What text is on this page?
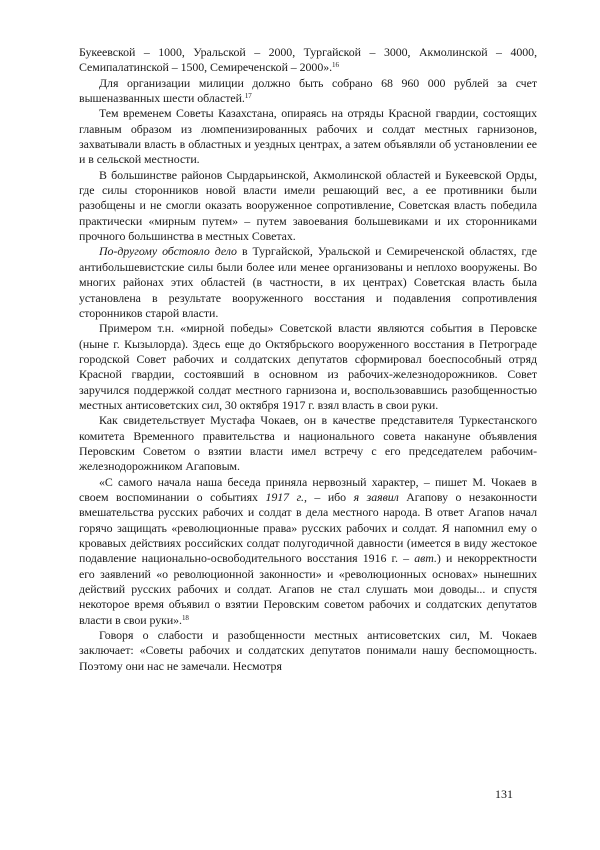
Букеевской – 1000, Уральской – 2000, Тургайской – 3000, Акмолинской – 4000, Семипалатинской – 1500, Семиреченской – 2000».$^{16}$

Для организации милиции должно быть собрано 68 960 000 рублей за счет вышеназванных шести областей.$^{17}$

Тем временем Советы Казахстана, опираясь на отряды Красной гвардии, состоящих главным образом из люмпенизированных рабочих и солдат местных гарнизонов, захватывали власть в областных и уездных центрах, а затем объявляли об установлении ее и в сельской местности.

В большинстве районов Сырдарьинской, Акмолинской областей и Букеевской Орды, где силы сторонников новой власти имели решающий вес, а ее противники были разобщены и не смогли оказать вооруженное сопротивление, Советская власть победила практически «мирным путем» – путем завоевания большевиками и их сторонниками прочного большинства в местных Советах.

По-другому обстояло дело в Тургайской, Уральской и Семиреченской областях, где антибольшевистские силы были более или менее организованы и неплохо вооружены. Во многих районах этих областей (в частности, в их центрах) Советская власть была установлена в результате вооруженного восстания и подавления сопротивления сторонников старой власти.

Примером т.н. «мирной победы» Советской власти являются события в Перовске (ныне г. Кызылорда). Здесь еще до Октябрьского вооруженного восстания в Петрограде городской Совет рабочих и солдатских депутатов сформировал боеспособный отряд Красной гвардии, состоявший в основном из рабочих-железнодорожников. Совет заручился поддержкой солдат местного гарнизона и, воспользовавшись разобщенностью местных антисоветских сил, 30 октября 1917 г. взял власть в свои руки.

Как свидетельствует Мустафа Чокаев, он в качестве представителя Туркестанского комитета Временного правительства и национального совета накануне объявления Перовским Советом о взятии власти имел встречу с его председателем рабочим-железнодорожником Агаповым.

«С самого начала наша беседа приняла нервозный характер, – пишет М. Чокаев в своем воспоминании о событиях 1917 г., – ибо я заявил Агапову о незаконности вмешательства русских рабочих и солдат в дела местного народа. В ответ Агапов начал горячо защищать «революционные права» русских рабочих и солдат. Я напомнил ему о кровавых действиях российских солдат полугодичной давности (имеется в виду жестокое подавление национально-освободительного восстания 1916 г. – авт.) и некорректности его заявлений «о революционной законности» и «революционных основах» нынешних действий русских рабочих и солдат. Агапов не стал слушать мои доводы... и спустя некоторое время объявил о взятии Перовским советом рабочих и солдатских депутатов власти в свои руки».$^{18}$

Говоря о слабости и разобщенности местных антисоветских сил, М. Чокаев заключает: «Советы рабочих и солдатских депутатов понимали нашу беспомощность. Поэтому они нас не замечали. Несмотря

131
